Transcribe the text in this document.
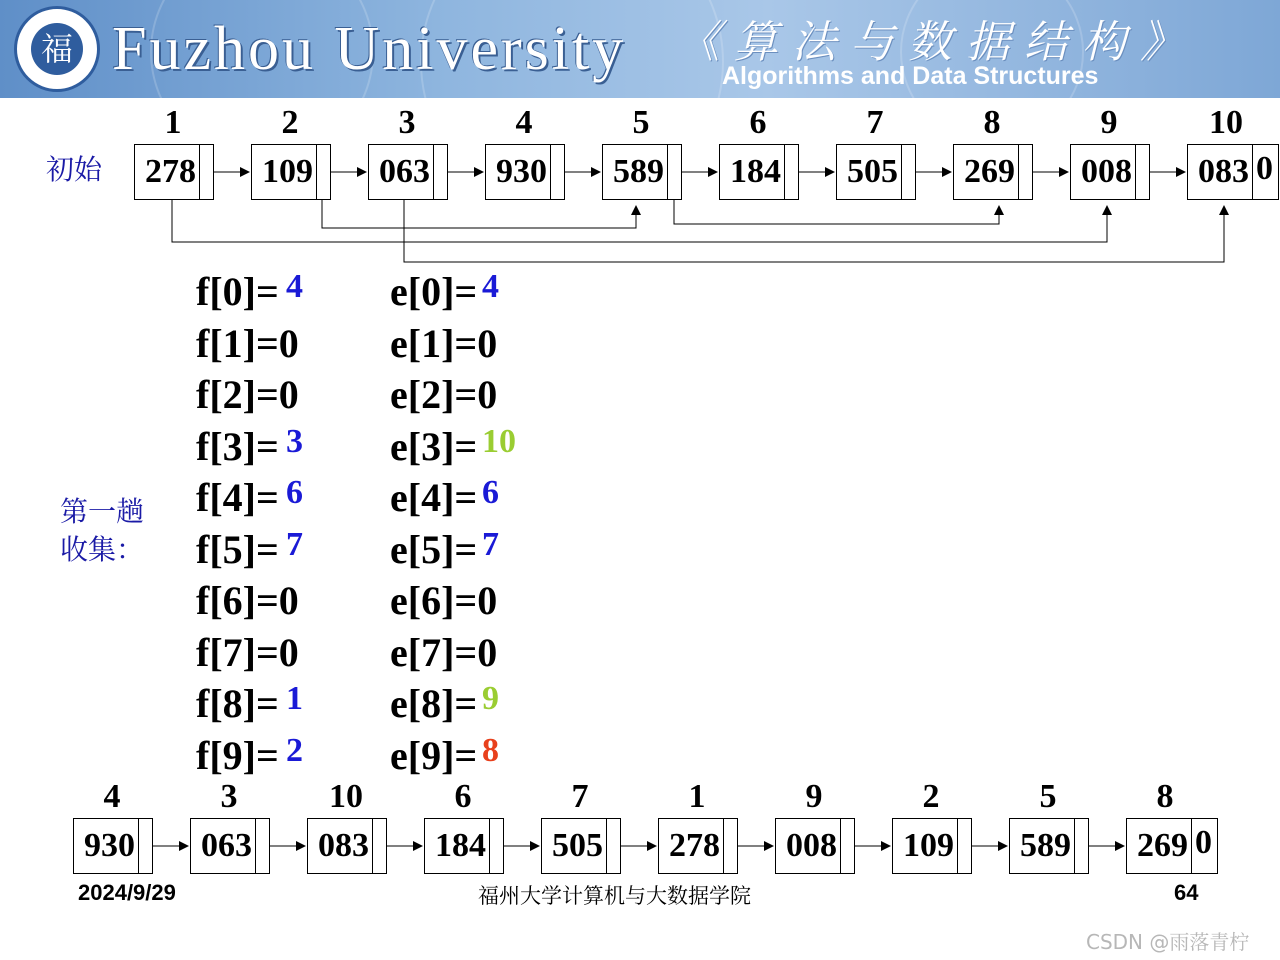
福 Fuzhou University 《算法与数据结构》
Algorithms and Data Structures
1
278
2
109
3
063
4
930
5
589
6
184
7
505
8
269
9
008
10
083 0
初始
第一趟
收集：
f[0]= 4
f[1]=0
f[2]=0
f[3]= 3
f[4]= 6
f[5]= 7
f[6]=0
f[7]=0
f[8]= 1
f[9]= 2
e[0]= 4
e[1]=0
e[2]=0
e[3]= 10
e[4]= 6
e[5]= 7
e[6]=0
e[7]=0
e[8]= 9
e[9]= 8
4
930
3
063
10
083
6
184
7
505
1
278
9
008
2
109
5
589
8
269 0
2024/9/29	福州大学计算机与大数据学院	64
CSDN @雨落青柠
